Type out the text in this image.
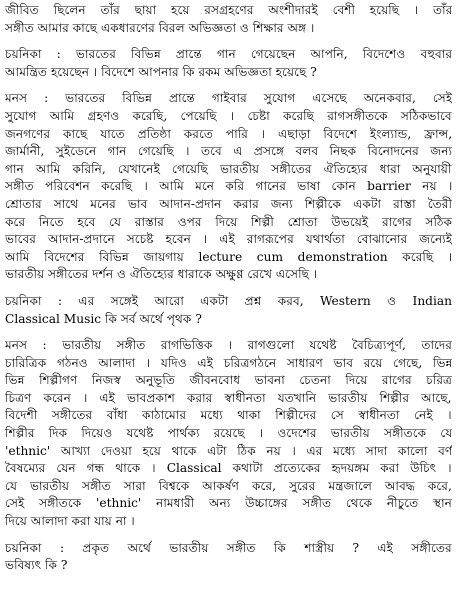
জীবিত ছিলেন তাঁর ছায়া হয়ে রসগ্রহণের অংশীদারই বেশী হয়েছি । তাঁর
সঙ্গীত আমার কাছে একধারণের বিরল অভিজ্ঞতা ও শিক্ষার অঙ্গ ।

চয়নিকা : ভারতের বিভিন্ন প্রান্তে গান গেয়েছেন আপনি, বিদেশেও বহুবার
আমন্ত্রিত হয়েছেন । বিদেশে আপনার কি রকম অভিজ্ঞতা হয়েছে ?

মনস : ভারতের বিভিন্ন প্রান্তে গাইবার সুযোগ এসেছে অনেকবার, সেই
সুযোগ আমি গ্রহণও করেছি, পেয়েছি । চেষ্টা করেছি রাগসঙ্গীতকে সঠিকভাবে
জনগণের কাছে যাতে প্রতিষ্ঠা করতে পারি । এছাড়া বিদেশে ইংল্যান্ড, ফ্রান্স,
জার্মানী, সুইডেনে গান গেয়েছি । তবে এ প্রসঙ্গে বলব নিছক বিনোদনের জন্য
গান আমি করিনি, যেখানেই গেয়েছি ভারতীয় সঙ্গীতের ঐতিহ্যের ধারা অনুযায়ী
সঙ্গীত পরিবেশন করেছি । আমি মনে করি গানের ভাষা কোন barrier নয় ।
শ্রোতার সাথে মনের ভাব আদান-প্রদান করার জন্য শিল্পীকে একটা রাস্তা তৈরী
করে নিতে হবে যে রাস্তার ওপর দিয়ে শিল্পী শ্রোতা উভয়েই রাগের সঠিক
ভাবের আদান-প্রদানে সচেষ্ট হবেন । এই রাগরূপের যথার্থতা বোঝানোর জন্যেই
আমি বিদেশের বিভিন্ন জায়গায় lecture cum demonstration করেছি ।
ভারতীয় সঙ্গীতের দর্শন ও ঐতিহ্যের ধারাকে অক্ষুণ্ণ রেখে এসেছি ।

চয়নিকা : এর সঙ্গেই আরো একটা প্রশ্ন করব, Western ও Indian
Classical Music কি সর্ব অর্থে পৃথক ?

মনস : ভারতীয় সঙ্গীত রাগভিত্তিক । রাগগুলো যথেষ্ট বৈচিত্র্যপূর্ণ, তাদের
চারিত্রিক গঠনও আলাদা । যদিও এই চরিত্রগঠনে সাধারণ ভাব রয়ে গেছে, ভিন্ন
ভিন্ন শিল্পীগণ নিজস্ব অনুভূতি জীবনবোধ ভাবনা চেতনা দিয়ে রাগের চরিত্র
চিত্রণ করেন । এই ভাবপ্রকাশ করার স্বাধীনতা যতখানি ভারতীয় শিল্পীর আছে,
বিদেশী সঙ্গীতের বাঁধা কাঠামোর মধ্যে থাকা শিল্পীদের সে স্বাধীনতা নেই ।
শিল্পীর দিক দিয়েও যথেষ্ট পার্থক্য রয়েছে । ওদেশের ভারতীয় সঙ্গীতকে যে
'ethnic' আখ্যা দেওয়া হয়ে থাকে এটা ঠিক নয় । এর মধ্যে সাদা কালো বর্ণ
বৈষম্যের যেন গন্ধ থাকে । Classical কথাটা প্রত্যেকের হৃদয়ঙ্গম করা উচিৎ ।
যে ভারতীয় সঙ্গীত সারা বিশ্বকে আকর্ষণ করে, সুরের মন্ত্রজালে আবদ্ধ করে,
সেই সঙ্গীতকে 'ethnic' নামধারী অন্য উচ্চাঙ্গের সঙ্গীত থেকে নীচুতে স্থান
দিয়ে আলাদা করা যায় না ।

চয়নিকা : প্রকৃত অর্থে ভারতীয় সঙ্গীত কি শাস্ত্রীয় ? এই সঙ্গীতের
ভবিষ্যৎ কি ?
